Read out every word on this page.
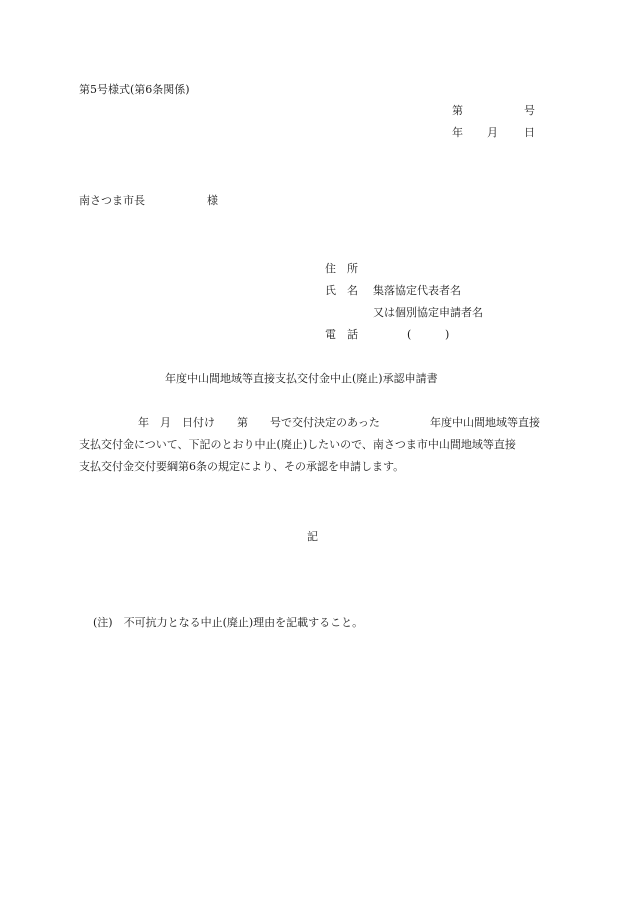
第5号様式(第6条関係)
第	号
年 月 日
南さつま市長	様
住　所
氏　名 集落協定代表者名
又は個別協定申請者名
電　話	(	)
年度中山間地域等直接支払交付金中止(廃止)承認申請書
年　月　日付け　　第　　号で交付決定のあった	年度中山間地域等直接
支払交付金について、下記のとおり中止(廃止)したいので、南さつま市中山間地域等直接
支払交付金交付要綱第6条の規定により、その承認を申請します。
記
(注)　不可抗力となる中止(廃止)理由を記載すること。
